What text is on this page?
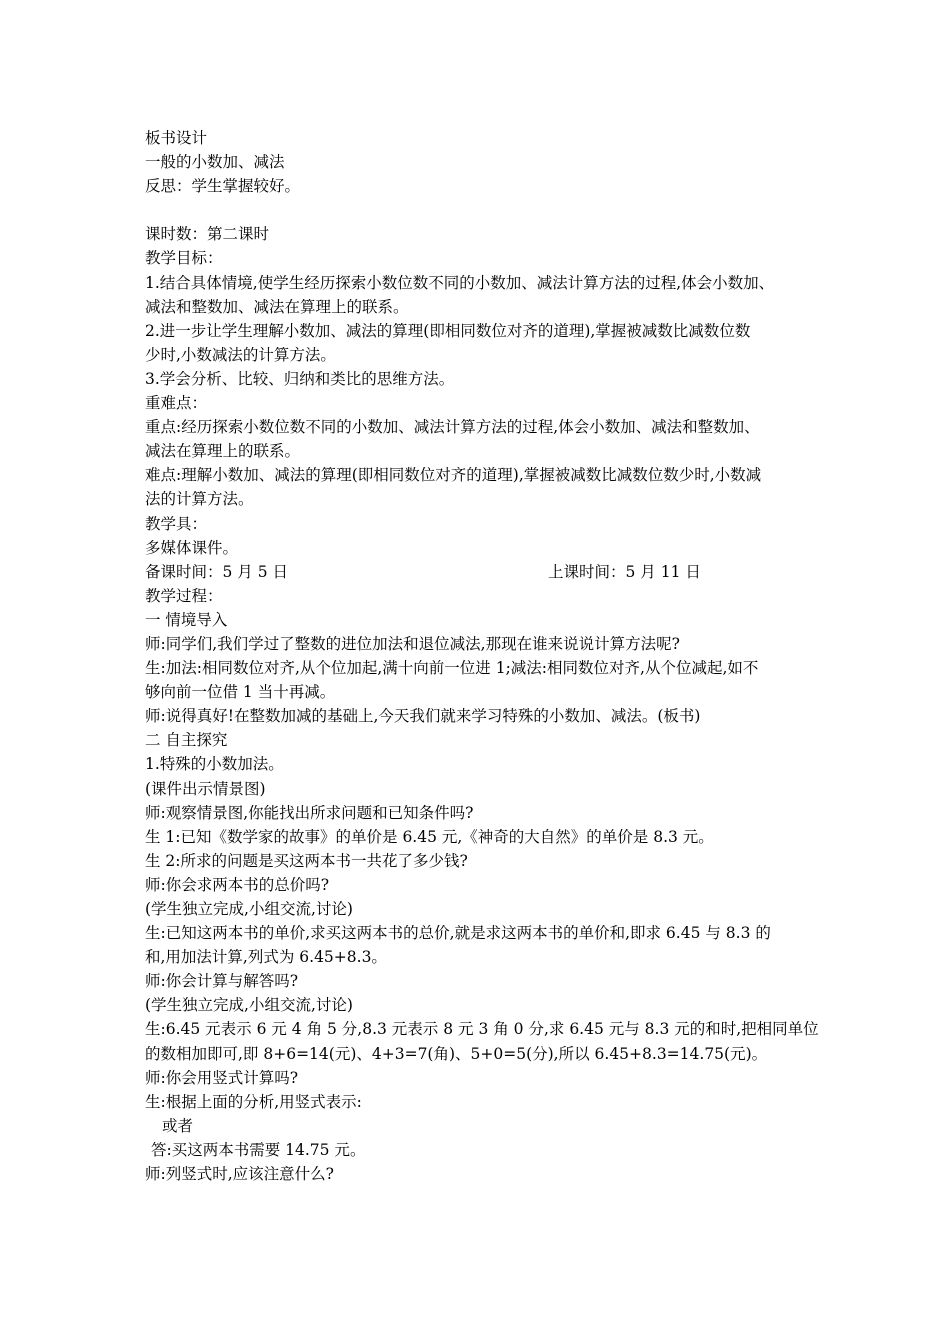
板书设计
一般的小数加、减法
反思：学生掌握较好。
课时数：第二课时
教学目标：
1.结合具体情境,使学生经历探索小数位数不同的小数加、减法计算方法的过程,体会小数加、
减法和整数加、减法在算理上的联系。
2.进一步让学生理解小数加、减法的算理(即相同数位对齐的道理),掌握被减数比减数位数
少时,小数减法的计算方法。
3.学会分析、比较、归纳和类比的思维方法。
重难点：
重点:经历探索小数位数不同的小数加、减法计算方法的过程,体会小数加、减法和整数加、
减法在算理上的联系。
难点:理解小数加、减法的算理(即相同数位对齐的道理),掌握被减数比减数位数少时,小数减
法的计算方法。
教学具：
多媒体课件。
备课时间：5 月 5 日	上课时间：5 月 11 日
教学过程：
一 情境导入
师:同学们,我们学过了整数的进位加法和退位减法,那现在谁来说说计算方法呢?
生:加法:相同数位对齐,从个位加起,满十向前一位进 1;减法:相同数位对齐,从个位减起,如不
够向前一位借 1 当十再减。
师:说得真好!在整数加减的基础上,今天我们就来学习特殊的小数加、减法。(板书)
二 自主探究
1.特殊的小数加法。
(课件出示情景图)
师:观察情景图,你能找出所求问题和已知条件吗?
生 1:已知《数学家的故事》的单价是 6.45 元,《神奇的大自然》的单价是 8.3 元。
生 2:所求的问题是买这两本书一共花了多少钱?
师:你会求两本书的总价吗?
(学生独立完成,小组交流,讨论)
生:已知这两本书的单价,求买这两本书的总价,就是求这两本书的单价和,即求 6.45 与 8.3 的
和,用加法计算,列式为 6.45+8.3。
师:你会计算与解答吗?
(学生独立完成,小组交流,讨论)
生:6.45 元表示 6 元 4 角 5 分,8.3 元表示 8 元 3 角 0 分,求 6.45 元与 8.3 元的和时,把相同单位
的数相加即可,即 8+6=14(元)、4+3=7(角)、5+0=5(分),所以 6.45+8.3=14.75(元)。
师:你会用竖式计算吗?
生:根据上面的分析,用竖式表示:
或者
答:买这两本书需要 14.75 元。
师:列竖式时,应该注意什么?
